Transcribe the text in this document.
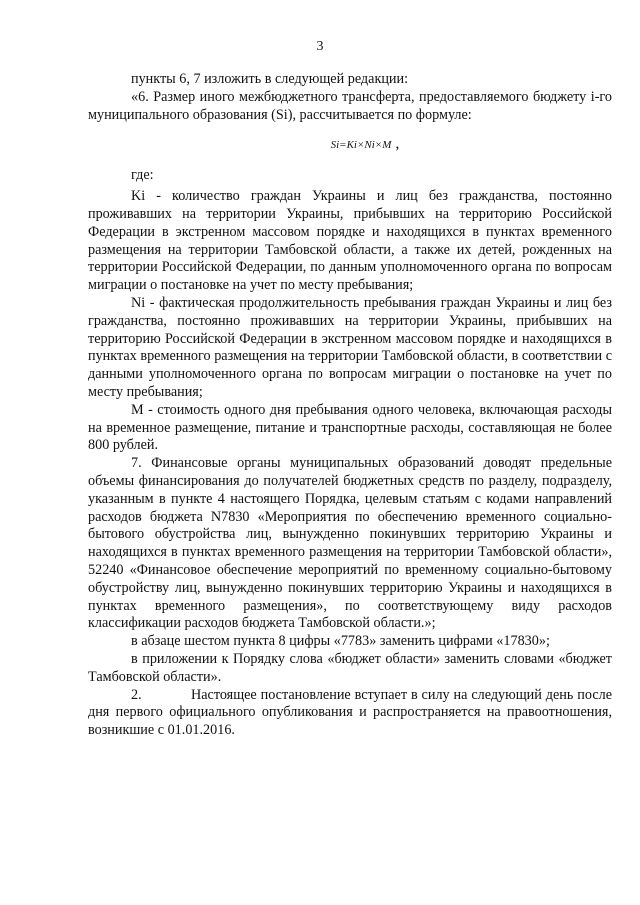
3

пункты 6, 7 изложить в следующей редакции:

«6. Размер иного межбюджетного трансферта, предоставляемого бюджету i-го муниципального образования (Si), рассчитывается по формуле:

Si=Ki×Ni×M ,

где:

Ki - количество граждан Украины и лиц без гражданства, постоянно проживавших на территории Украины, прибывших на территорию Российской Федерации в экстренном массовом порядке и находящихся в пунктах временного размещения на территории Тамбовской области, а также их детей, рожденных на территории Российской Федерации, по данным уполномоченного органа по вопросам миграции о постановке на учет по месту пребывания;

Ni - фактическая продолжительность пребывания граждан Украины и лиц без гражданства, постоянно проживавших на территории Украины, прибывших на территорию Российской Федерации в экстренном массовом порядке и находящихся в пунктах временного размещения на территории Тамбовской области, в соответствии с данными уполномоченного органа по вопросам миграции о постановке на учет по месту пребывания;

М - стоимость одного дня пребывания одного человека, включающая расходы на временное размещение, питание и транспортные расходы, составляющая не более 800 рублей.

7. Финансовые органы муниципальных образований доводят предельные объемы финансирования до получателей бюджетных средств по разделу, подразделу, указанным в пункте 4 настоящего Порядка, целевым статьям с кодами направлений расходов бюджета N7830 «Мероприятия по обеспечению временного социально-бытового обустройства лиц, вынужденно покинувших территорию Украины и находящихся в пунктах временного размещения на территории Тамбовской области», 52240 «Финансовое обеспечение мероприятий по временному социально-бытовому обустройству лиц, вынужденно покинувших территорию Украины и находящихся в пунктах временного размещения», по соответствующему виду расходов классификации расходов бюджета Тамбовской области.»;

в абзаце шестом пункта 8 цифры «7783» заменить цифрами «17830»;

в приложении к Порядку слова «бюджет области» заменить словами «бюджет Тамбовской области».

2.	Настоящее постановление вступает в силу на следующий день после дня первого официального опубликования и распространяется на правоотношения, возникшие с 01.01.2016.
